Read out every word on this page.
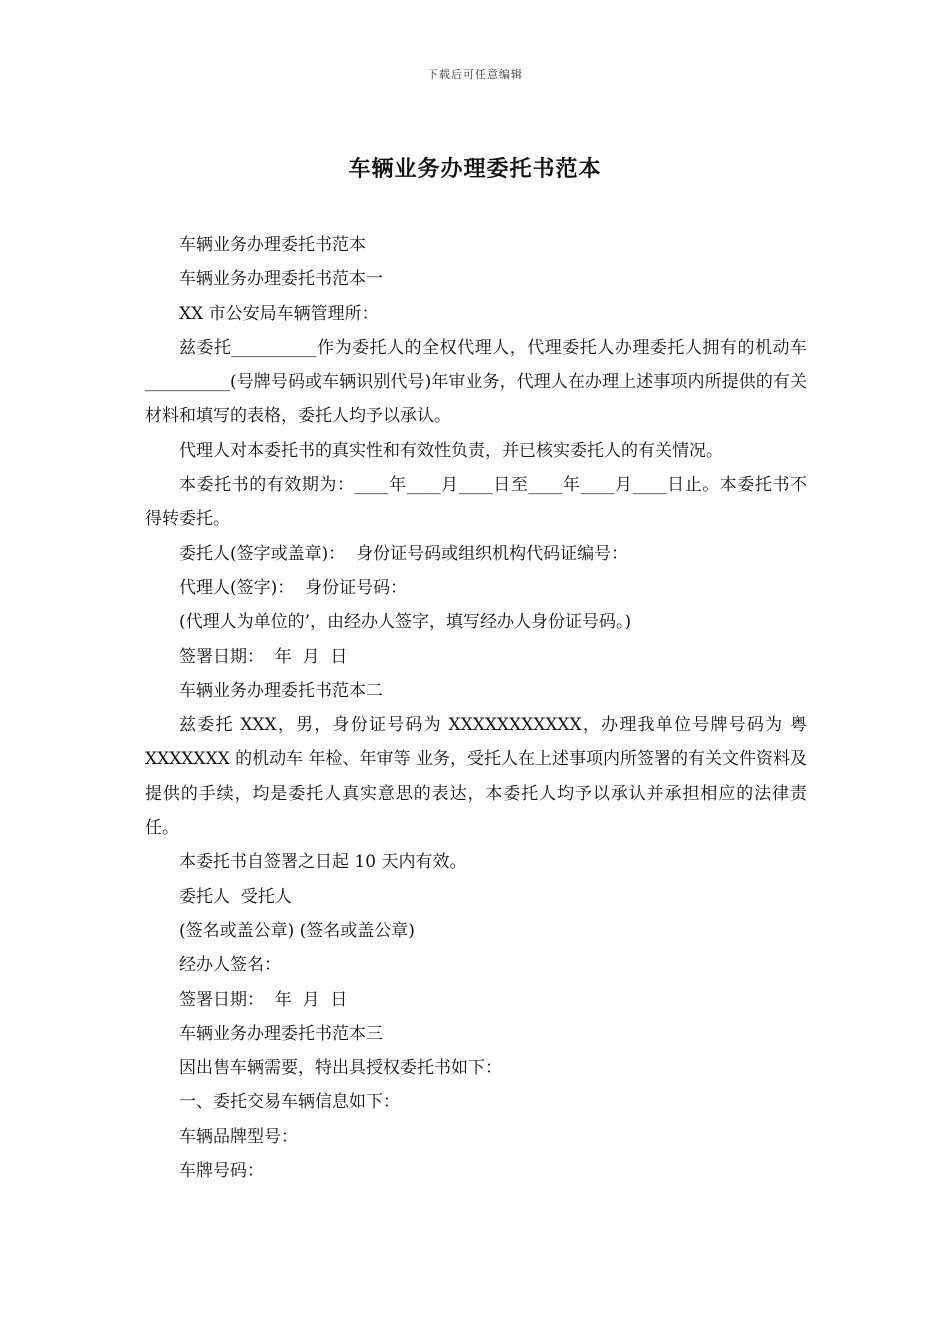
下载后可任意编辑
车辆业务办理委托书范本

车辆业务办理委托书范本

车辆业务办理委托书范本一

XX 市公安局车辆管理所：

兹委托__________作为委托人的全权代理人，代理委托人办理委托人拥有的机动车__________(号牌号码或车辆识别代号)年审业务，代理人在办理上述事项内所提供的有关材料和填写的表格，委托人均予以承认。

代理人对本委托书的真实性和有效性负责，并已核实委托人的有关情况。

本委托书的有效期为：____年____月____日至____年____月____日止。本委托书不得转委托。

委托人(签字或盖章)：  身份证号码或组织机构代码证编号：

代理人(签字)：  身份证号码：

(代理人为单位的’，由经办人签字，填写经办人身份证号码。)

签署日期：  年  月  日

车辆业务办理委托书范本二

兹委托 XXX，男，身份证号码为 XXXXXXXXXXX，办理我单位号牌号码为 粤 XXXXXXX 的机动车 年检、年审等 业务，受托人在上述事项内所签署的有关文件资料及提供的手续，均是委托人真实意思的表达，本委托人均予以承认并承担相应的法律责任。

本委托书自签署之日起 10 天内有效。

委托人  受托人

(签名或盖公章) (签名或盖公章)

经办人签名：

签署日期：  年  月  日

车辆业务办理委托书范本三

因出售车辆需要，特出具授权委托书如下：

一、委托交易车辆信息如下：

车辆品牌型号：

车牌号码：
